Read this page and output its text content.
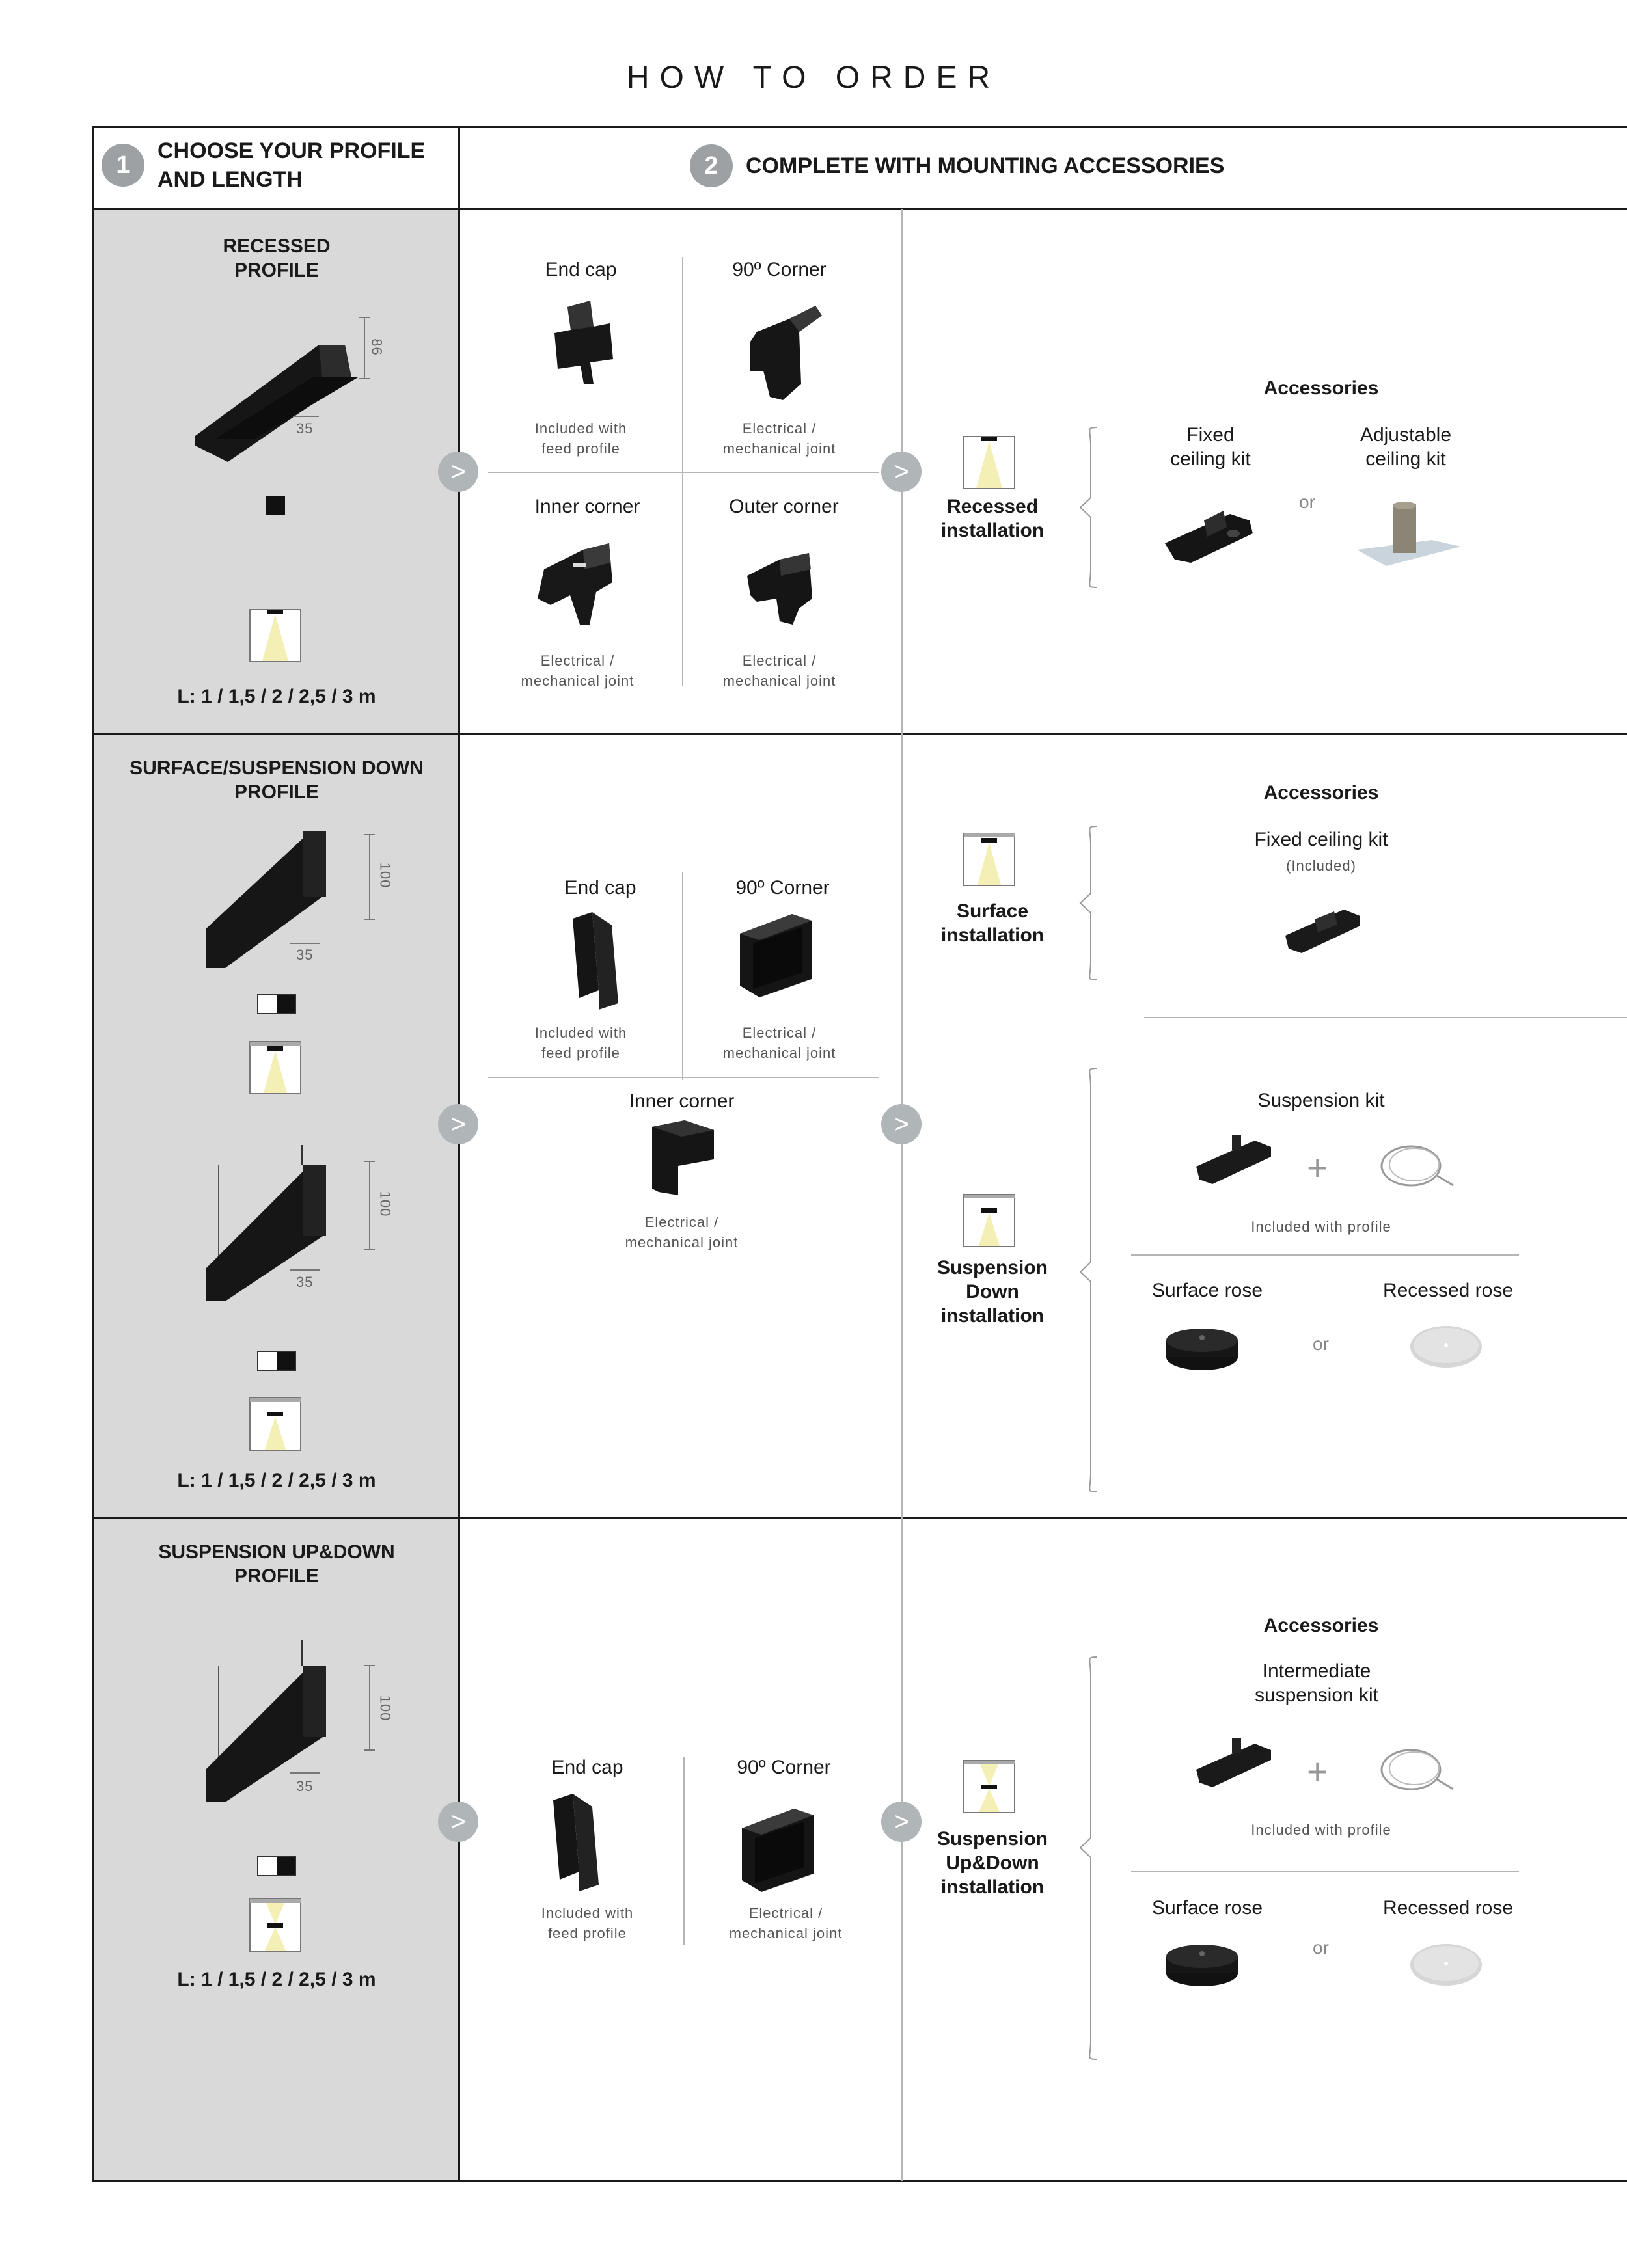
HOW TO ORDER
1
CHOOSE YOUR PROFILE
AND LENGTH	2	COMPLETE WITH MOUNTING ACCESSORIES
RECESSED
PROFILE
86
35
L: 1 / 1,5 / 2 / 2,5 / 3 m
End cap
Included with
feed profile
90º Corner
Electrical /
mechanical joint
Inner corner
Electrical /
mechanical joint
Outer corner
Electrical /
mechanical joint
>	>
Recessed
installation
Accessories
Fixed
ceiling kit
Adjustable
ceiling kit
or
SURFACE/SUSPENSION DOWN
PROFILE
100
35
100
35
L: 1 / 1,5 / 2 / 2,5 / 3 m
End cap
Included with
feed profile
90º Corner
Electrical /
mechanical joint
Inner corner
Electrical /
mechanical joint
>	>
Surface
installation
Accessories
Fixed ceiling kit
(Included)
Suspension
Down
installation
Suspension kit
+
Included with profile
Surface rose	Recessed rose
or
SUSPENSION UP&DOWN
PROFILE
100
35
L: 1 / 1,5 / 2 / 2,5 / 3 m
End cap
Included with
feed profile
90º Corner
Electrical /
mechanical joint
>	>
Suspension
Up&Down
installation
Accessories
Intermediate
suspension kit
+
Included with profile
Surface rose	Recessed rose
or
